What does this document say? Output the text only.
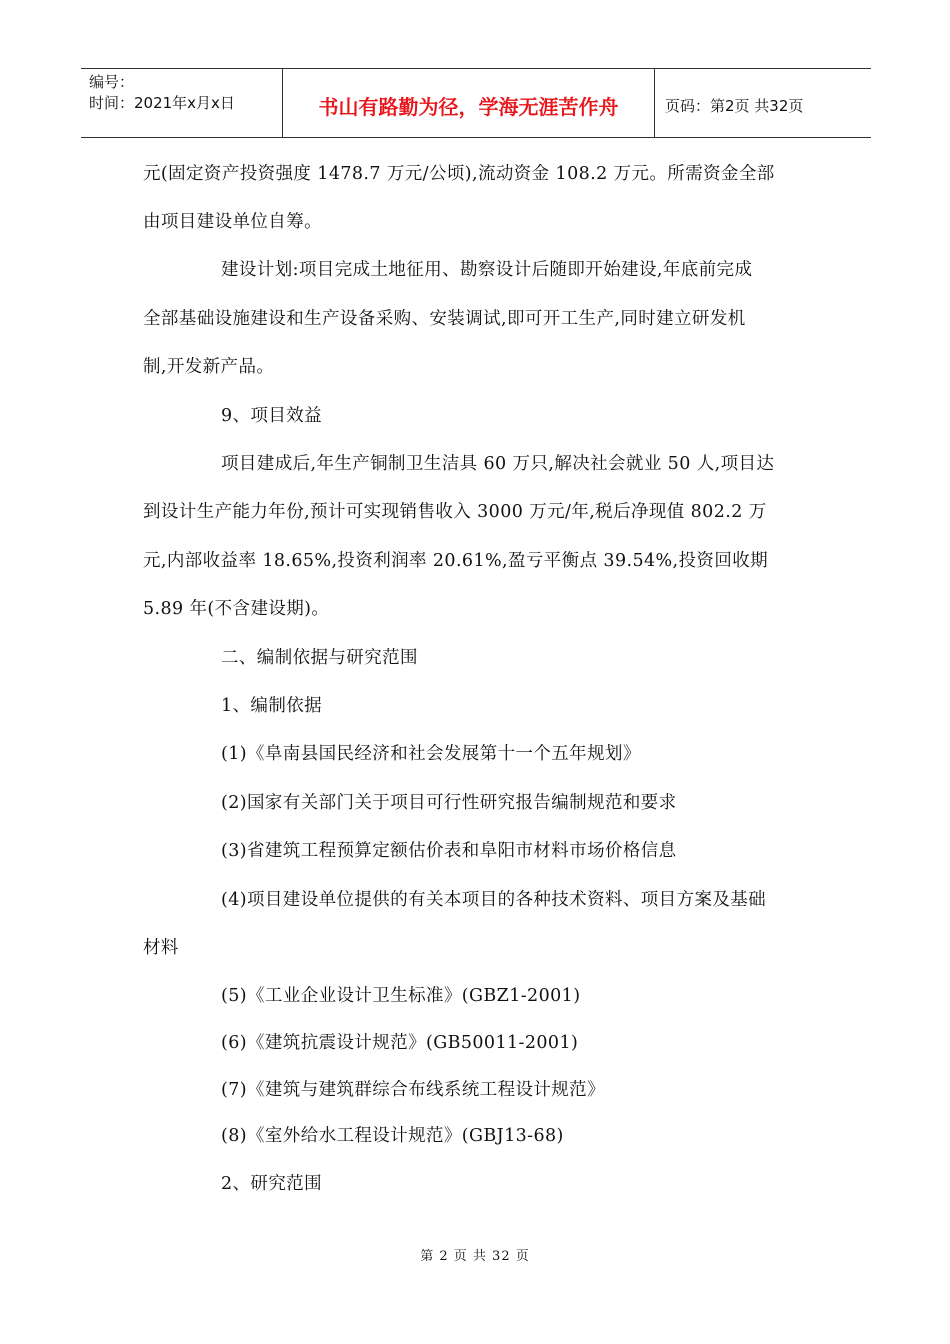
编号：
时间：2021年x月x日	书山有路勤为径，学海无涯苦作舟	页码：第2页 共32页
元(固定资产投资强度 1478.7 万元/公顷),流动资金 108.2 万元。所需资金全部
由项目建设单位自筹。
建设计划:项目完成土地征用、勘察设计后随即开始建设,年底前完成
全部基础设施建设和生产设备采购、安装调试,即可开工生产,同时建立研发机
制,开发新产品。
9、项目效益
项目建成后,年生产铜制卫生洁具 60 万只,解决社会就业 50 人,项目达
到设计生产能力年份,预计可实现销售收入 3000 万元/年,税后净现值 802.2 万
元,内部收益率 18.65%,投资利润率 20.61%,盈亏平衡点 39.54%,投资回收期
5.89 年(不含建设期)。
二、编制依据与研究范围
1、编制依据
(1)《阜南县国民经济和社会发展第十一个五年规划》
(2)国家有关部门关于项目可行性研究报告编制规范和要求
(3)省建筑工程预算定额估价表和阜阳市材料市场价格信息
(4)项目建设单位提供的有关本项目的各种技术资料、项目方案及基础
材料
(5)《工业企业设计卫生标准》(GBZ1-2001)
(6)《建筑抗震设计规范》(GB50011-2001)
(7)《建筑与建筑群综合布线系统工程设计规范》
(8)《室外给水工程设计规范》(GBJ13-68)
2、研究范围
第 2 页 共 32 页
